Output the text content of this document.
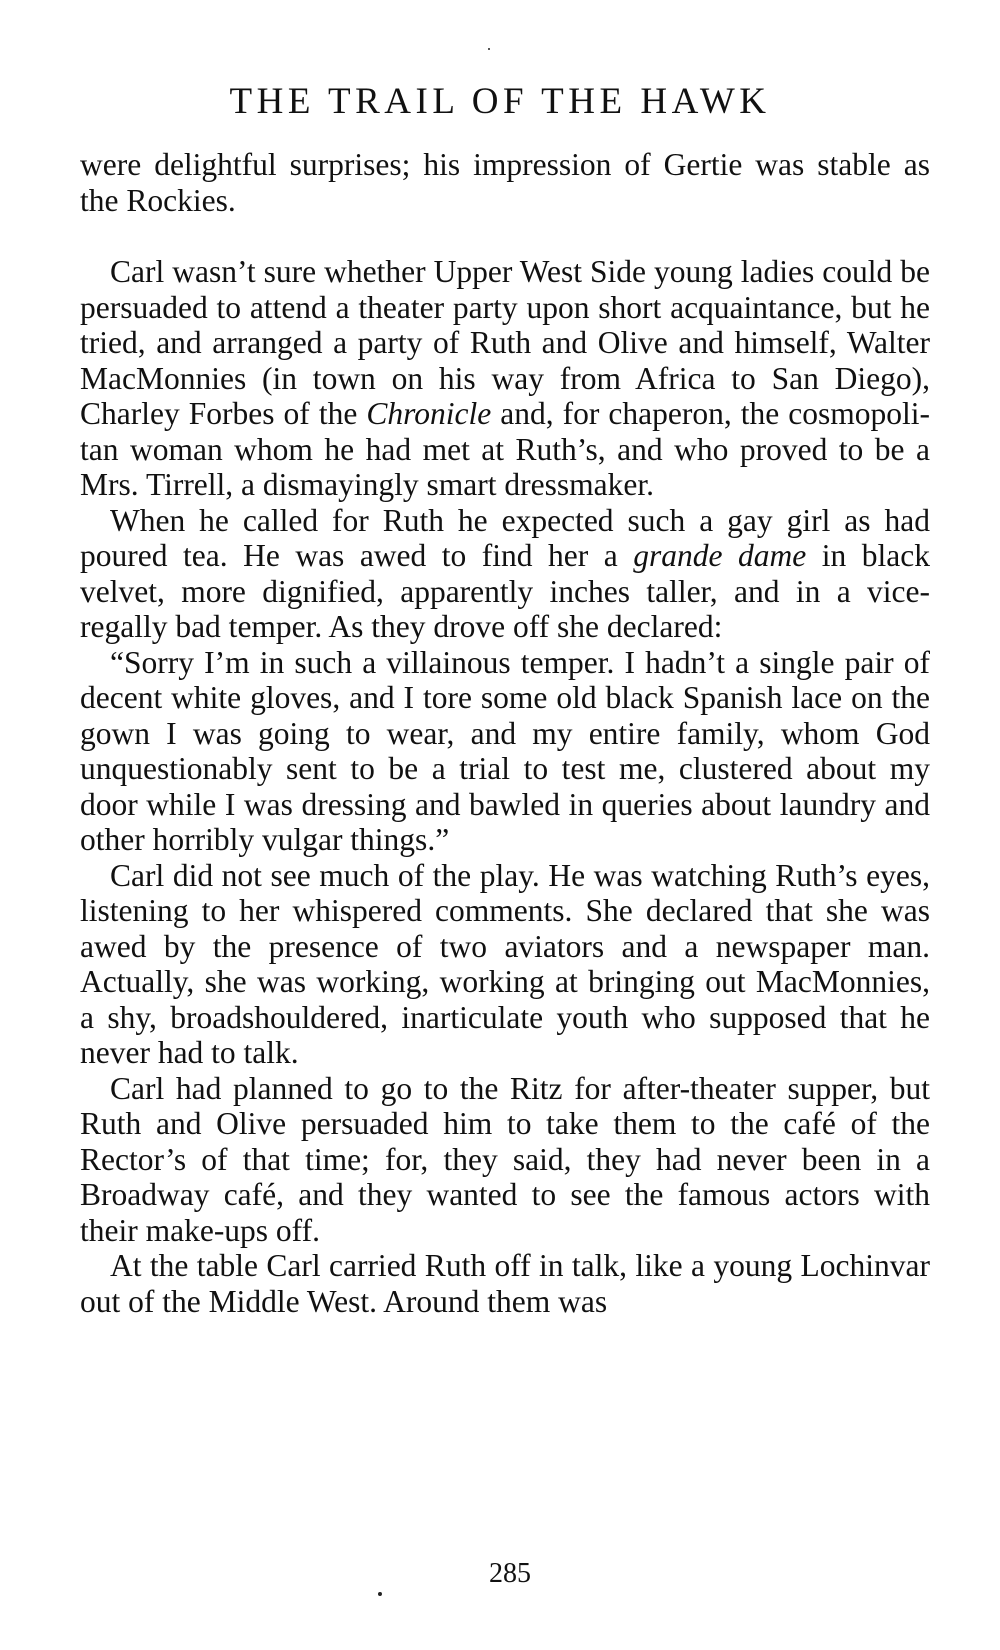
THE TRAIL OF THE HAWK

were delightful surprises; his impression of Gertie was stable as the Rockies.

Carl wasn’t sure whether Upper West Side young ladies could be persuaded to attend a theater party upon short acquaintance, but he tried, and arranged a party of Ruth and Olive and himself, Walter MacMonnies (in town on his way from Africa to San Diego), Charley Forbes of the Chronicle and, for chaperon, the cosmopolitan woman whom he had met at Ruth’s, and who proved to be a Mrs. Tirrell, a dismayingly smart dressmaker.

When he called for Ruth he expected such a gay girl as had poured tea. He was awed to find her a grande dame in black velvet, more dignified, apparently inches taller, and in a vice-regally bad temper. As they drove off she declared:

“Sorry I’m in such a villainous temper. I hadn’t a single pair of decent white gloves, and I tore some old black Spanish lace on the gown I was going to wear, and my entire family, whom God unquestionably sent to be a trial to test me, clustered about my door while I was dressing and bawled in queries about laundry and other horribly vulgar things.”

Carl did not see much of the play. He was watching Ruth’s eyes, listening to her whispered comments. She declared that she was awed by the presence of two aviators and a newspaper man. Actually, she was working, working at bringing out MacMonnies, a shy, broadshouldered, inarticulate youth who supposed that he never had to talk.

Carl had planned to go to the Ritz for after-theater supper, but Ruth and Olive persuaded him to take them to the café of the Rector’s of that time; for, they said, they had never been in a Broadway café, and they wanted to see the famous actors with their make-ups off.

At the table Carl carried Ruth off in talk, like a young Lochinvar out of the Middle West. Around them was

285
